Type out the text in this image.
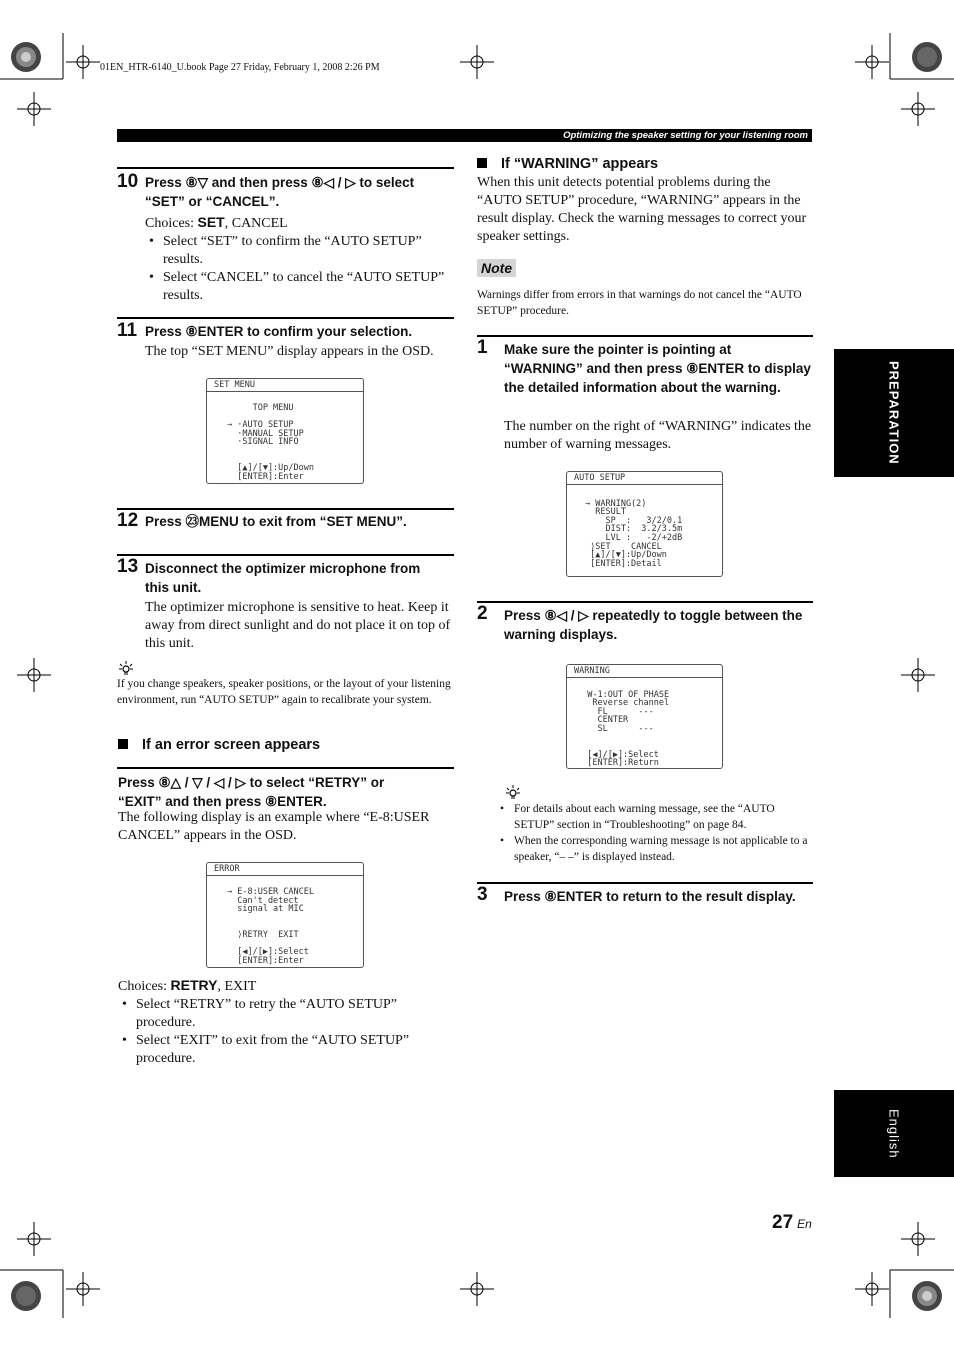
01EN_HTR-6140_U.book Page 27 Friday, February 1, 2008 2:26 PM
Optimizing the speaker setting for your listening room
PREPARATION
English
10 Press ⑧▽ and then press ⑧◁ / ▷ to select
“SET” or “CANCEL”.
Choices: SET, CANCEL
• Select “SET” to confirm the “AUTO SETUP” results.
• Select “CANCEL” to cancel the “AUTO SETUP” results.
11 Press ⑧ENTER to confirm your selection.
The top “SET MENU” display appears in the OSD.
SET MENU
TOP MENU

→ ·AUTO SETUP
·MANUAL SETUP
·SIGNAL INFO

[▲]/[▼]:Up/Down
[ENTER]:Enter
12 Press ㉓MENU to exit from “SET MENU”.
13 Disconnect the optimizer microphone from
this unit.
The optimizer microphone is sensitive to heat. Keep it away from direct sunlight and do not place it on top of this unit.
If you change speakers, speaker positions, or the layout of your listening environment, run “AUTO SETUP” again to recalibrate your system.
If an error screen appears
Press ⑧△ / ▽ / ◁ / ▷ to select “RETRY” or
“EXIT” and then press ⑧ENTER.
The following display is an example where “E-8:USER CANCEL” appears in the OSD.
ERROR
→ E-8:USER CANCEL
Can't detect
signal at MIC

⟩RETRY  EXIT

[◀]/[▶]:Select
[ENTER]:Enter
Choices: RETRY, EXIT
• Select “RETRY” to retry the “AUTO SETUP” procedure.
• Select “EXIT” to exit from the “AUTO SETUP” procedure.
If “WARNING” appears
When this unit detects potential problems during the “AUTO SETUP” procedure, “WARNING” appears in the result display. Check the warning messages to correct your speaker settings.
Note
Warnings differ from errors in that warnings do not cancel the “AUTO SETUP” procedure.
1 Make sure the pointer is pointing at “WARNING” and then press ⑧ENTER to display the detailed information about the warning.
The number on the right of “WARNING” indicates the number of warning messages.
AUTO SETUP

→ WARNING(2)
RESULT
SP  :   3/2/0.1
DIST:  3.2/3.5m
LVL :   -2/+2dB
⟩SET    CANCEL
[▲]/[▼]:Up/Down
[ENTER]:Detail
2 Press ⑧◁ / ▷ repeatedly to toggle between the warning displays.
WARNING

W-1:OUT OF PHASE
Reverse channel
FL      ---
CENTER
SL      ---

[◀]/[▶]:Select
[ENTER]:Return
• For details about each warning message, see the “AUTO SETUP” section in “Troubleshooting” on page 84.
• When the corresponding warning message is not applicable to a speaker, “– –” is displayed instead.
3 Press ⑧ENTER to return to the result display.
27 En
